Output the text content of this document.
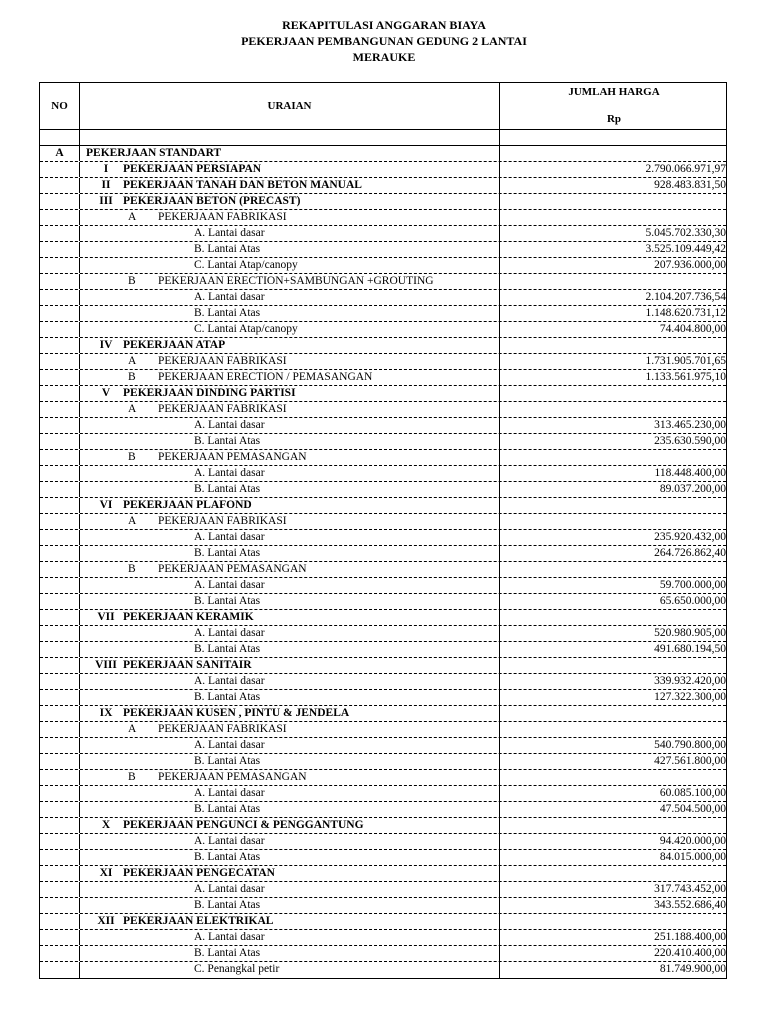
REKAPITULASI ANGGARAN BIAYA
PEKERJAAN PEMBANGUNAN GEDUNG 2 LANTAI
MERAUKE
NO	URAIAN
JUMLAH HARGA
Rp
A	PEKERJAAN STANDART
I	PEKERJAAN PERSIAPAN	2.790.066.971,97
II	PEKERJAAN TANAH DAN BETON MANUAL	928.483.831,50
III PEKERJAAN BETON (PRECAST)
A PEKERJAAN FABRIKASI
A. Lantai dasar	5.045.702.330,30
B. Lantai Atas	3.525.109.449,42
C. Lantai Atap/canopy	207.936.000,00
B PEKERJAAN ERECTION+SAMBUNGAN +GROUTING
A. Lantai dasar	2.104.207.736,54
B. Lantai Atas	1.148.620.731,12
C. Lantai Atap/canopy	74.404.800,00
IV PEKERJAAN ATAP
A PEKERJAAN FABRIKASI	1.731.905.701,65
B PEKERJAAN ERECTION / PEMASANGAN	1.133.561.975,10
V	PEKERJAAN DINDING PARTISI
A PEKERJAAN FABRIKASI
A. Lantai dasar	313.465.230,00
B. Lantai Atas	235.630.590,00
B PEKERJAAN PEMASANGAN
A. Lantai dasar	118.448.400,00
B. Lantai Atas	89.037.200,00
VI PEKERJAAN PLAFOND
A PEKERJAAN FABRIKASI
A. Lantai dasar	235.920.432,00
B. Lantai Atas	264.726.862,40
B PEKERJAAN PEMASANGAN
A. Lantai dasar	59.700.000,00
B. Lantai Atas	65.650.000,00
VII PEKERJAAN KERAMIK
A. Lantai dasar	520.980.905,00
B. Lantai Atas	491.680.194,50
VIII PEKERJAAN SANITAIR
A. Lantai dasar	339.932.420,00
B. Lantai Atas	127.322.300,00
IX PEKERJAAN KUSEN , PINTU & JENDELA
A PEKERJAAN FABRIKASI
A. Lantai dasar	540.790.800,00
B. Lantai Atas	427.561.800,00
B PEKERJAAN PEMASANGAN
A. Lantai dasar	60.085.100,00
B. Lantai Atas	47.504.500,00
X	PEKERJAAN PENGUNCI & PENGGANTUNG
A. Lantai dasar	94.420.000,00
B. Lantai Atas	84.015.000,00
XI PEKERJAAN PENGECATAN
A. Lantai dasar	317.743.452,00
B. Lantai Atas	343.552.686,40
XII PEKERJAAN ELEKTRIKAL
A. Lantai dasar	251.188.400,00
B. Lantai Atas	220.410.400,00
C. Penangkal petir	81.749.900,00
